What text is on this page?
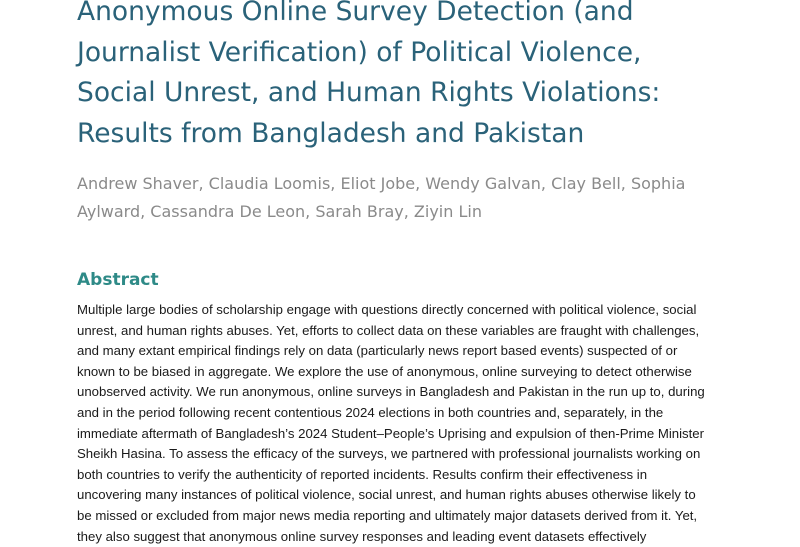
Anonymous Online Survey Detection (and
Journalist Verification) of Political Violence,
Social Unrest, and Human Rights Violations:
Results from Bangladesh and Pakistan
Andrew Shaver, Claudia Loomis, Eliot Jobe, Wendy Galvan, Clay Bell, Sophia
Aylward, Cassandra De Leon, Sarah Bray, Ziyin Lin
Abstract
Multiple large bodies of scholarship engage with questions directly concerned with political violence, social
unrest, and human rights abuses. Yet, efforts to collect data on these variables are fraught with challenges,
and many extant empirical findings rely on data (particularly news report based events) suspected of or
known to be biased in aggregate. We explore the use of anonymous, online surveying to detect otherwise
unobserved activity. We run anonymous, online surveys in Bangladesh and Pakistan in the run up to, during
and in the period following recent contentious 2024 elections in both countries and, separately, in the
immediate aftermath of Bangladesh’s 2024 Student–People’s Uprising and expulsion of then-Prime Minister
Sheikh Hasina. To assess the efficacy of the surveys, we partnered with professional journalists working on
both countries to verify the authenticity of reported incidents. Results confirm their effectiveness in
uncovering many instances of political violence, social unrest, and human rights abuses otherwise likely to
be missed or excluded from major news media reporting and ultimately major datasets derived from it. Yet,
they also suggest that anonymous online survey responses and leading event datasets effectively
